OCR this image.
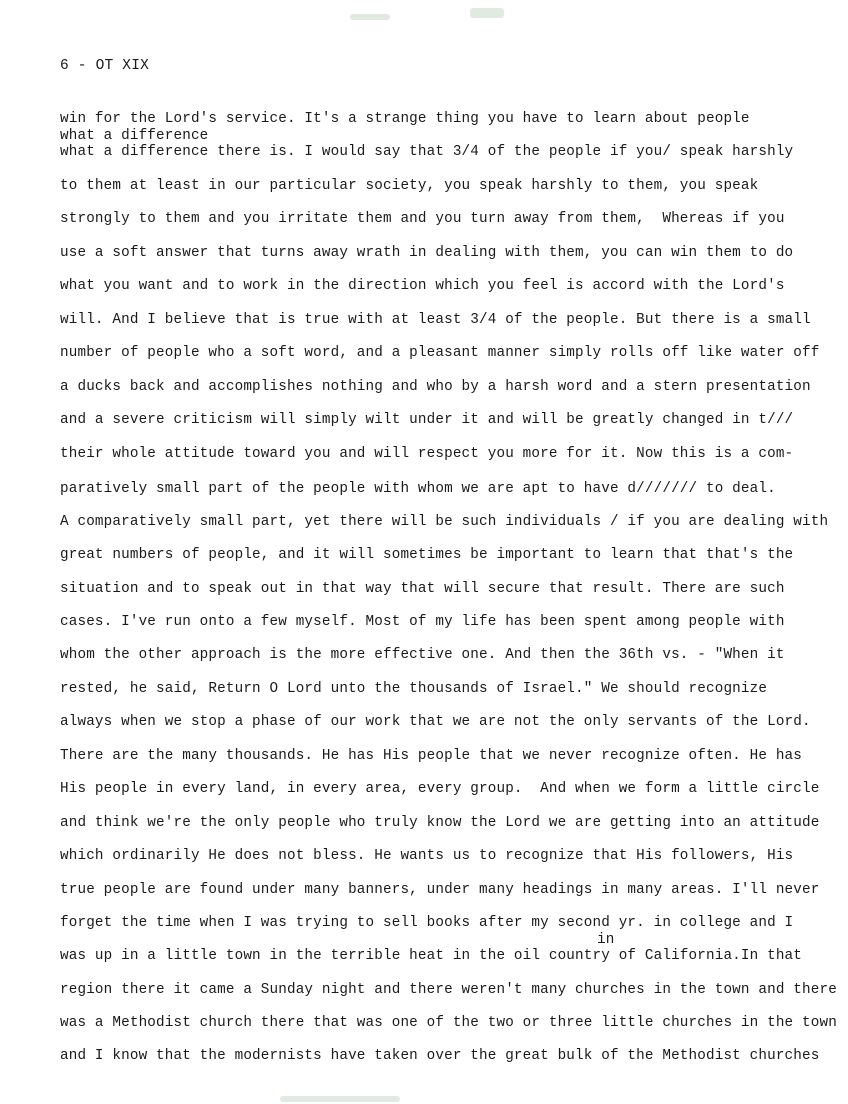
6 - OT XIX
win for the Lord's service. It's a strange thing you have to learn about people
what a difference
what a difference there is. I would say that 3/4 of the people if you/ speak harshly
to them at least in our particular society, you speak harshly to them, you speak
strongly to them and you irritate them and you turn away from them,  Whereas if you
use a soft answer that turns away wrath in dealing with them, you can win them to do
what you want and to work in the direction which you feel is accord with the Lord's
will. And I believe that is true with at least 3/4 of the people. But there is a small
number of people who a soft word, and a pleasant manner simply rolls off like water off
a ducks back and accomplishes nothing and who by a harsh word and a stern presentation
and a severe criticism will simply wilt under it and will be greatly changed in t///
their whole attitude toward you and will respect you more for it. Now this is a com-
paratively small part of the people with whom we are apt to have d/////// to deal.
A comparatively small part, yet there will be such individuals / if you are dealing with
great numbers of people, and it will sometimes be important to learn that that's the
situation and to speak out in that way that will secure that result. There are such
cases. I've run onto a few myself. Most of my life has been spent among people with
whom the other approach is the more effective one. And then the 36th vs. - "When it
rested, he said, Return O Lord unto the thousands of Israel." We should recognize
always when we stop a phase of our work that we are not the only servants of the Lord.
There are the many thousands. He has His people that we never recognize often. He has
His people in every land, in every area, every group.  And when we form a little circle
and think we're the only people who truly know the Lord we are getting into an attitude
which ordinarily He does not bless. He wants us to recognize that His followers, His
true people are found under many banners, under many headings in many areas. I'll never
forget the time when I was trying to sell books after my second yr. in college and I
in
was up in a little town in the terrible heat in the oil country of California.In that
region there it came a Sunday night and there weren't many churches in the town and there
was a Methodist church there that was one of the two or three little churches in the town
and I know that the modernists have taken over the great bulk of the Methodist churches
